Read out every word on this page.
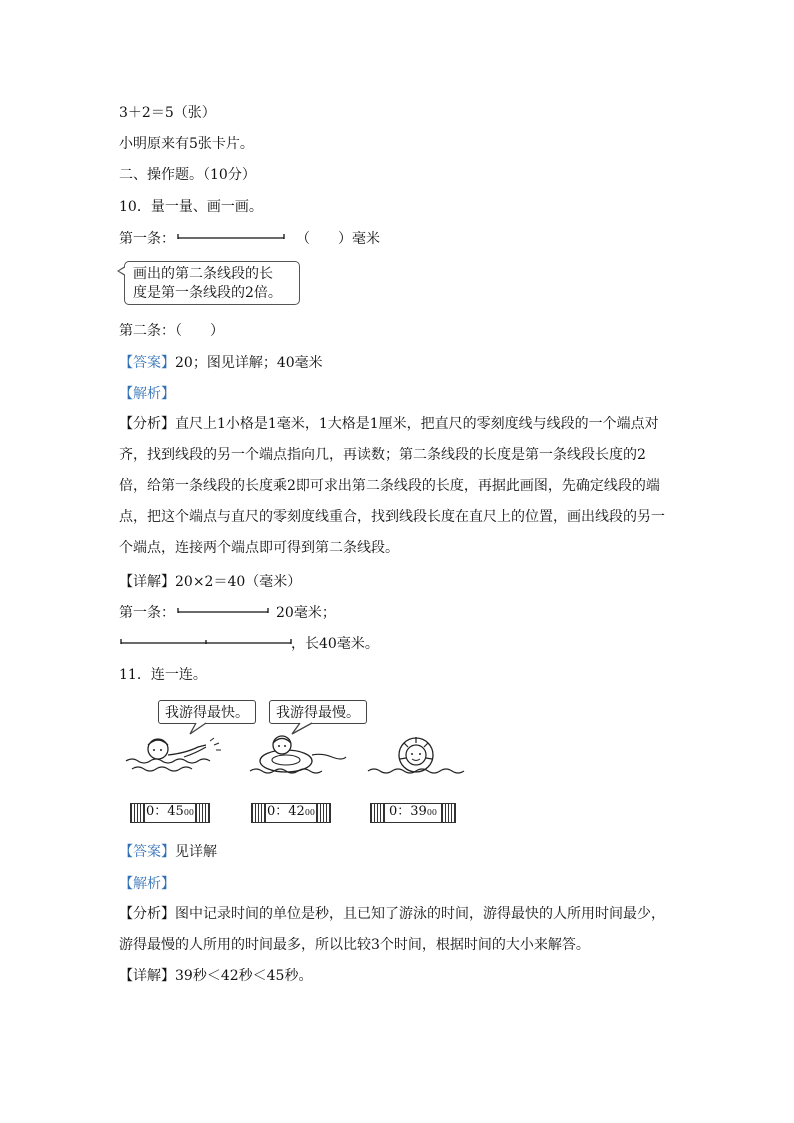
3＋2＝5（张）
小明原来有5张卡片。
二、操作题。（10分）
10．量一量、画一画。
第一条：	（　　）毫米
画出的第二条线段的长
度是第一条线段的2倍。
第二条：（　　）
【答案】20；图见详解；40毫米
【解析】
【分析】直尺上1小格是1毫米，1大格是1厘米，把直尺的零刻度线与线段的一个端点对齐，找到线段的另一个端点指向几，再读数；第二条线段的长度是第一条线段长度的2倍，给第一条线段的长度乘2即可求出第二条线段的长度，再据此画图，先确定线段的端点，把这个端点与直尺的零刻度线重合，找到线段长度在直尺上的位置，画出线段的另一个端点，连接两个端点即可得到第二条线段。
【详解】20×2＝40（毫米）
第一条：	20毫米；
，长40毫米。
11．连一连。
我游得最快。	我游得最慢。
0：4500	0：4200	0：3900
【答案】见详解
【解析】
【分析】图中记录时间的单位是秒，且已知了游泳的时间，游得最快的人所用时间最少，游得最慢的人所用的时间最多，所以比较3个时间，根据时间的大小来解答。
【详解】39秒＜42秒＜45秒。
